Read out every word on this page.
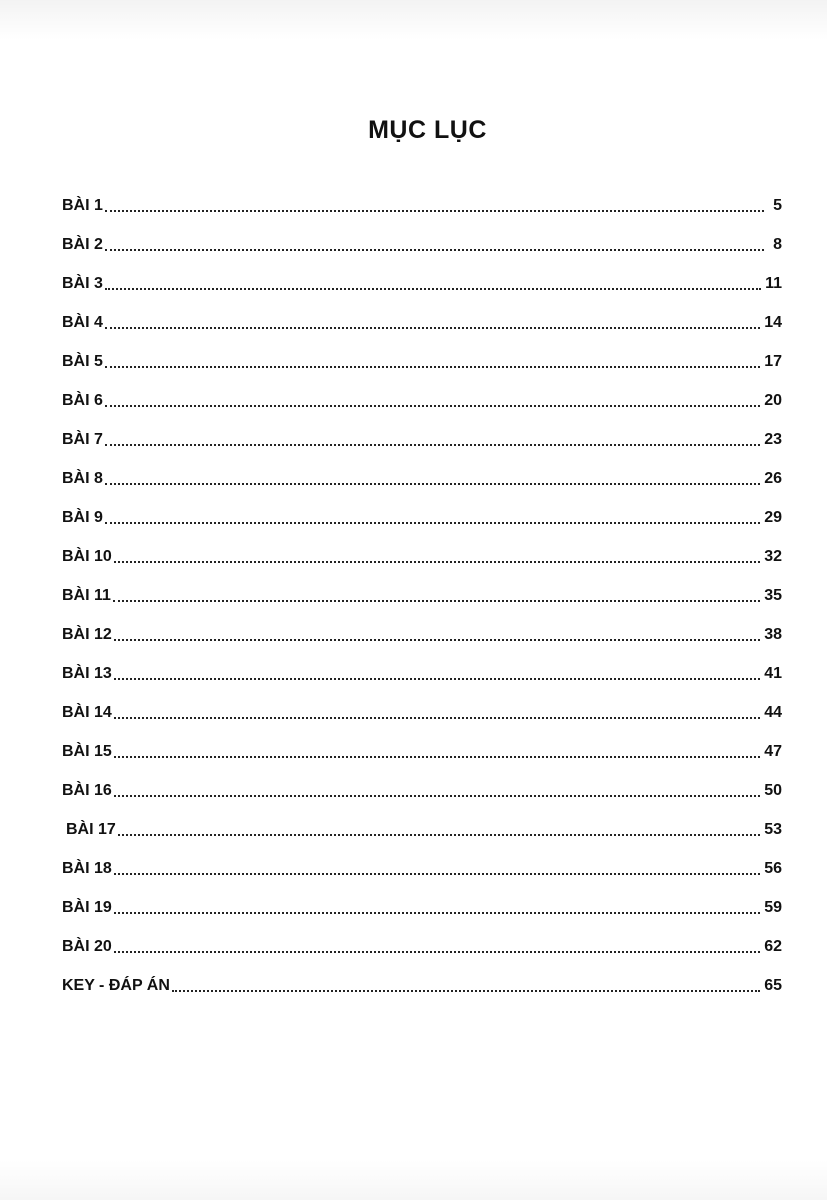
MỤC LỤC
BÀI 1	5
BÀI 2	8
BÀI 3	11
BÀI 4	14
BÀI 5	17
BÀI 6	20
BÀI 7	23
BÀI 8	26
BÀI 9	29
BÀI 10	32
BÀI 11	35
BÀI 12	38
BÀI 13	41
BÀI 14	44
BÀI 15	47
BÀI 16	50
BÀI 17	53
BÀI 18	56
BÀI 19	59
BÀI 20	62
KEY - ĐÁP ÁN	65
